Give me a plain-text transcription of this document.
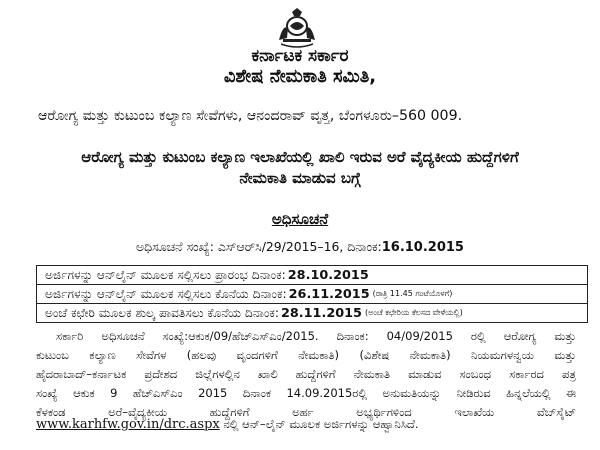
ಕರ್ನಾಟಕ ಸರ್ಕಾರ
ವಿಶೇಷ ನೇಮಕಾತಿ ಸಮಿತಿ,
ಆರೋಗ್ಯ ಮತ್ತು ಕುಟುಂಬ ಕಲ್ಯಾಣ ಸೇವೆಗಳು, ಆನಂದರಾವ್ ವೃತ್ತ, ಬೆಂಗಳೂರು–560 009.
ಆರೋಗ್ಯ ಮತ್ತು ಕುಟುಂಬ ಕಲ್ಯಾಣ ಇಲಾಖೆಯಲ್ಲಿ ಖಾಲಿ ಇರುವ ಅರೆ ವೈದ್ಯಕೀಯ ಹುದ್ದೆಗಳಿಗೆ
ನೇಮಕಾತಿ ಮಾಡುವ ಬಗ್ಗೆ
ಅಧಿಸೂಚನೆ
ಅಧಿಸೂಚನೆ ಸಂಖ್ಯೆ: ಎಸ್‌ಆರ್‌ಸಿ/29/2015–16, ದಿನಾಂಕ:16.10.2015
ಅರ್ಜಿಗಳನ್ನು ಆನ್‌ಲೈನ್ ಮೂಲಕ ಸಲ್ಲಿಸಲು ಪ್ರಾರಂಭ ದಿನಾಂಕ: 28.10.2015
ಅರ್ಜಿಗಳನ್ನು ಆನ್‌ಲೈನ್ ಮೂಲಕ ಸಲ್ಲಿಸಲು ಕೊನೆಯ ದಿನಾಂಕ: 26.11.2015 (ರಾತ್ರಿ 11.45 ಗಂಟೆಯೊಳಗೆ)
ಅಂಚೆ ಕಛೇರಿ ಮೂಲಕ ಶುಲ್ಕ ಪಾವತಿಸಲು ಕೊನೆಯ ದಿನಾಂಕ: 28.11.2015 (ಅಂಚೆ ಕಛೇರಿಯ ಕೆಲಸದ ವೇಳೆಯಲ್ಲಿ)
ಸರ್ಕಾರಿ ಅಧಿಸೂಚನೆ ಸಂಖ್ಯೆ:ಆಕುಕ/09/ಹೆಚ್‌ಎಸ್‌ಎಂ/2015. ದಿನಾಂಕ: 04/09/2015 ರಲ್ಲಿ ಆರೋಗ್ಯ ಮತ್ತು
ಕುಟುಂಬ ಕಲ್ಯಾಣ ಸೇವೆಗಳ (ಹಲವು ವೃಂದಗಳಿಗೆ ನೇಮಕಾತಿ) (ವಿಶೇಷ ನೇಮಕಾತಿ) ನಿಯಮಗಳನ್ವಯ ಮತ್ತು
ಹೈದರಾಬಾದ್–ಕರ್ನಾಟಕ ಪ್ರದೇಶದ ಜಿಲ್ಲೆಗಳಲ್ಲಿನ ಖಾಲಿ ಹುದ್ದೆಗಳಿಗೆ ನೇಮಕಾತಿ ಮಾಡುವ ಸಂಬಂಧ ಸರ್ಕಾರದ ಪತ್ರ
ಸಂಖ್ಯೆ ಆಕುಕ 9 ಹೆಚ್‌ಎಸ್‌ಎಂ 2015 ದಿನಾಂಕ 14.09.2015ರಲ್ಲಿ ಅನುಮತಿಯನ್ನು ನೀಡಿರುವ ಹಿನ್ನಲೆಯಲ್ಲಿ ಈ
ಕೆಳಕಂಡ ಅರೆ–ವೈದ್ಯಕೀಯ ಹುದ್ದೆಗಳಿಗೆ ಅರ್ಹ ಅಭ್ಯರ್ಥಿಗಳಿಂದ ಇಲಾಖೆಯ ವೆಬ್‌ಸೈಟ್
www.karhfw.gov.in/drc.aspx ನಲ್ಲಿ ಆನ್–ಲೈನ್ ಮೂಲಕ ಅರ್ಜಿಗಳನ್ನು ಆಹ್ವಾನಿಸಿದೆ.
